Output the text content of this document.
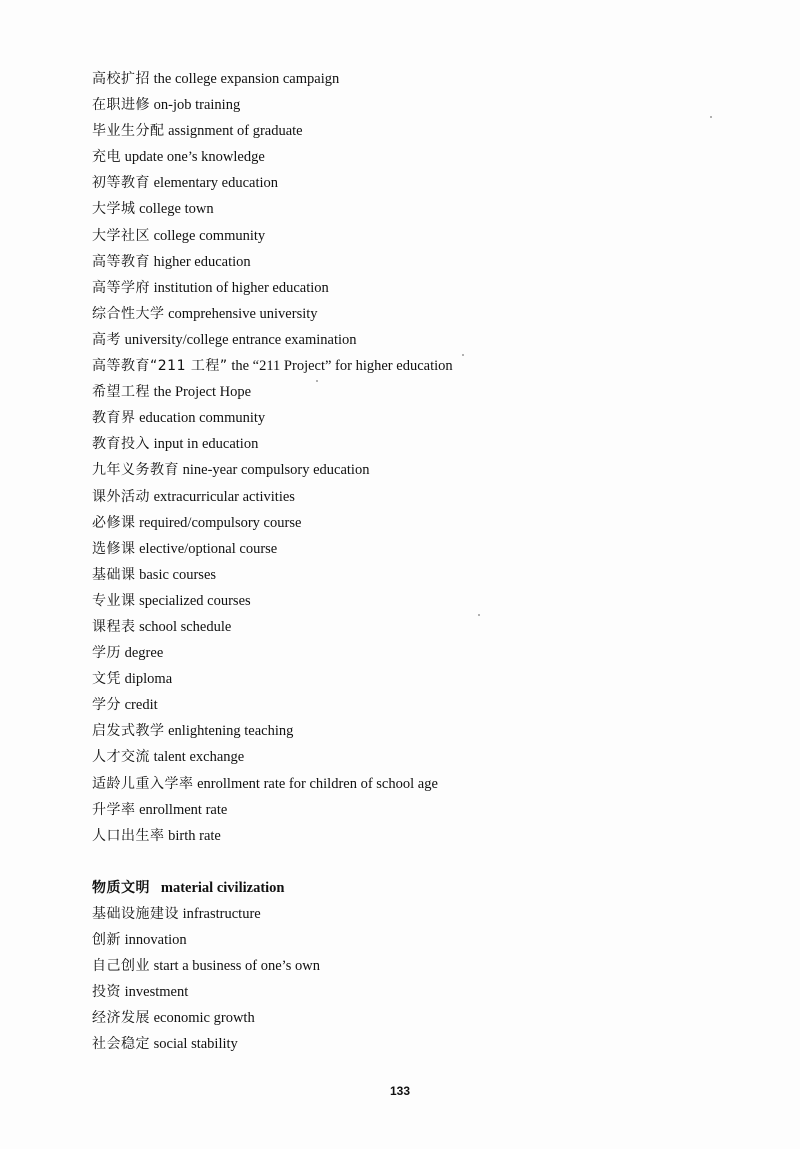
高校扩招 the college expansion campaign
在职进修 on-job training
毕业生分配 assignment of graduate
充电 update one’s knowledge
初等教育 elementary education
大学城 college town
大学社区 college community
高等教育 higher education
高等学府 institution of higher education
综合性大学 comprehensive university
高考 university/college entrance examination
高等教育“211 工程” the “211 Project” for higher education
希望工程 the Project Hope
教育界 education community
教育投入 input in education
九年义务教育 nine-year compulsory education
课外活动 extracurricular activities
必修课 required/compulsory course
选修课 elective/optional course
基础课 basic courses
专业课 specialized courses
课程表 school schedule
学历 degree
文凭 diploma
学分 credit
启发式教学 enlightening teaching
人才交流 talent exchange
适龄儿重入学率 enrollment rate for children of school age
升学率 enrollment rate
人口出生率 birth rate
物质文明 material civilization
基础设施建设 infrastructure
创新 innovation
自己创业 start a business of one’s own
投资 investment
经济发展 economic growth
社会稳定 social stability
133
